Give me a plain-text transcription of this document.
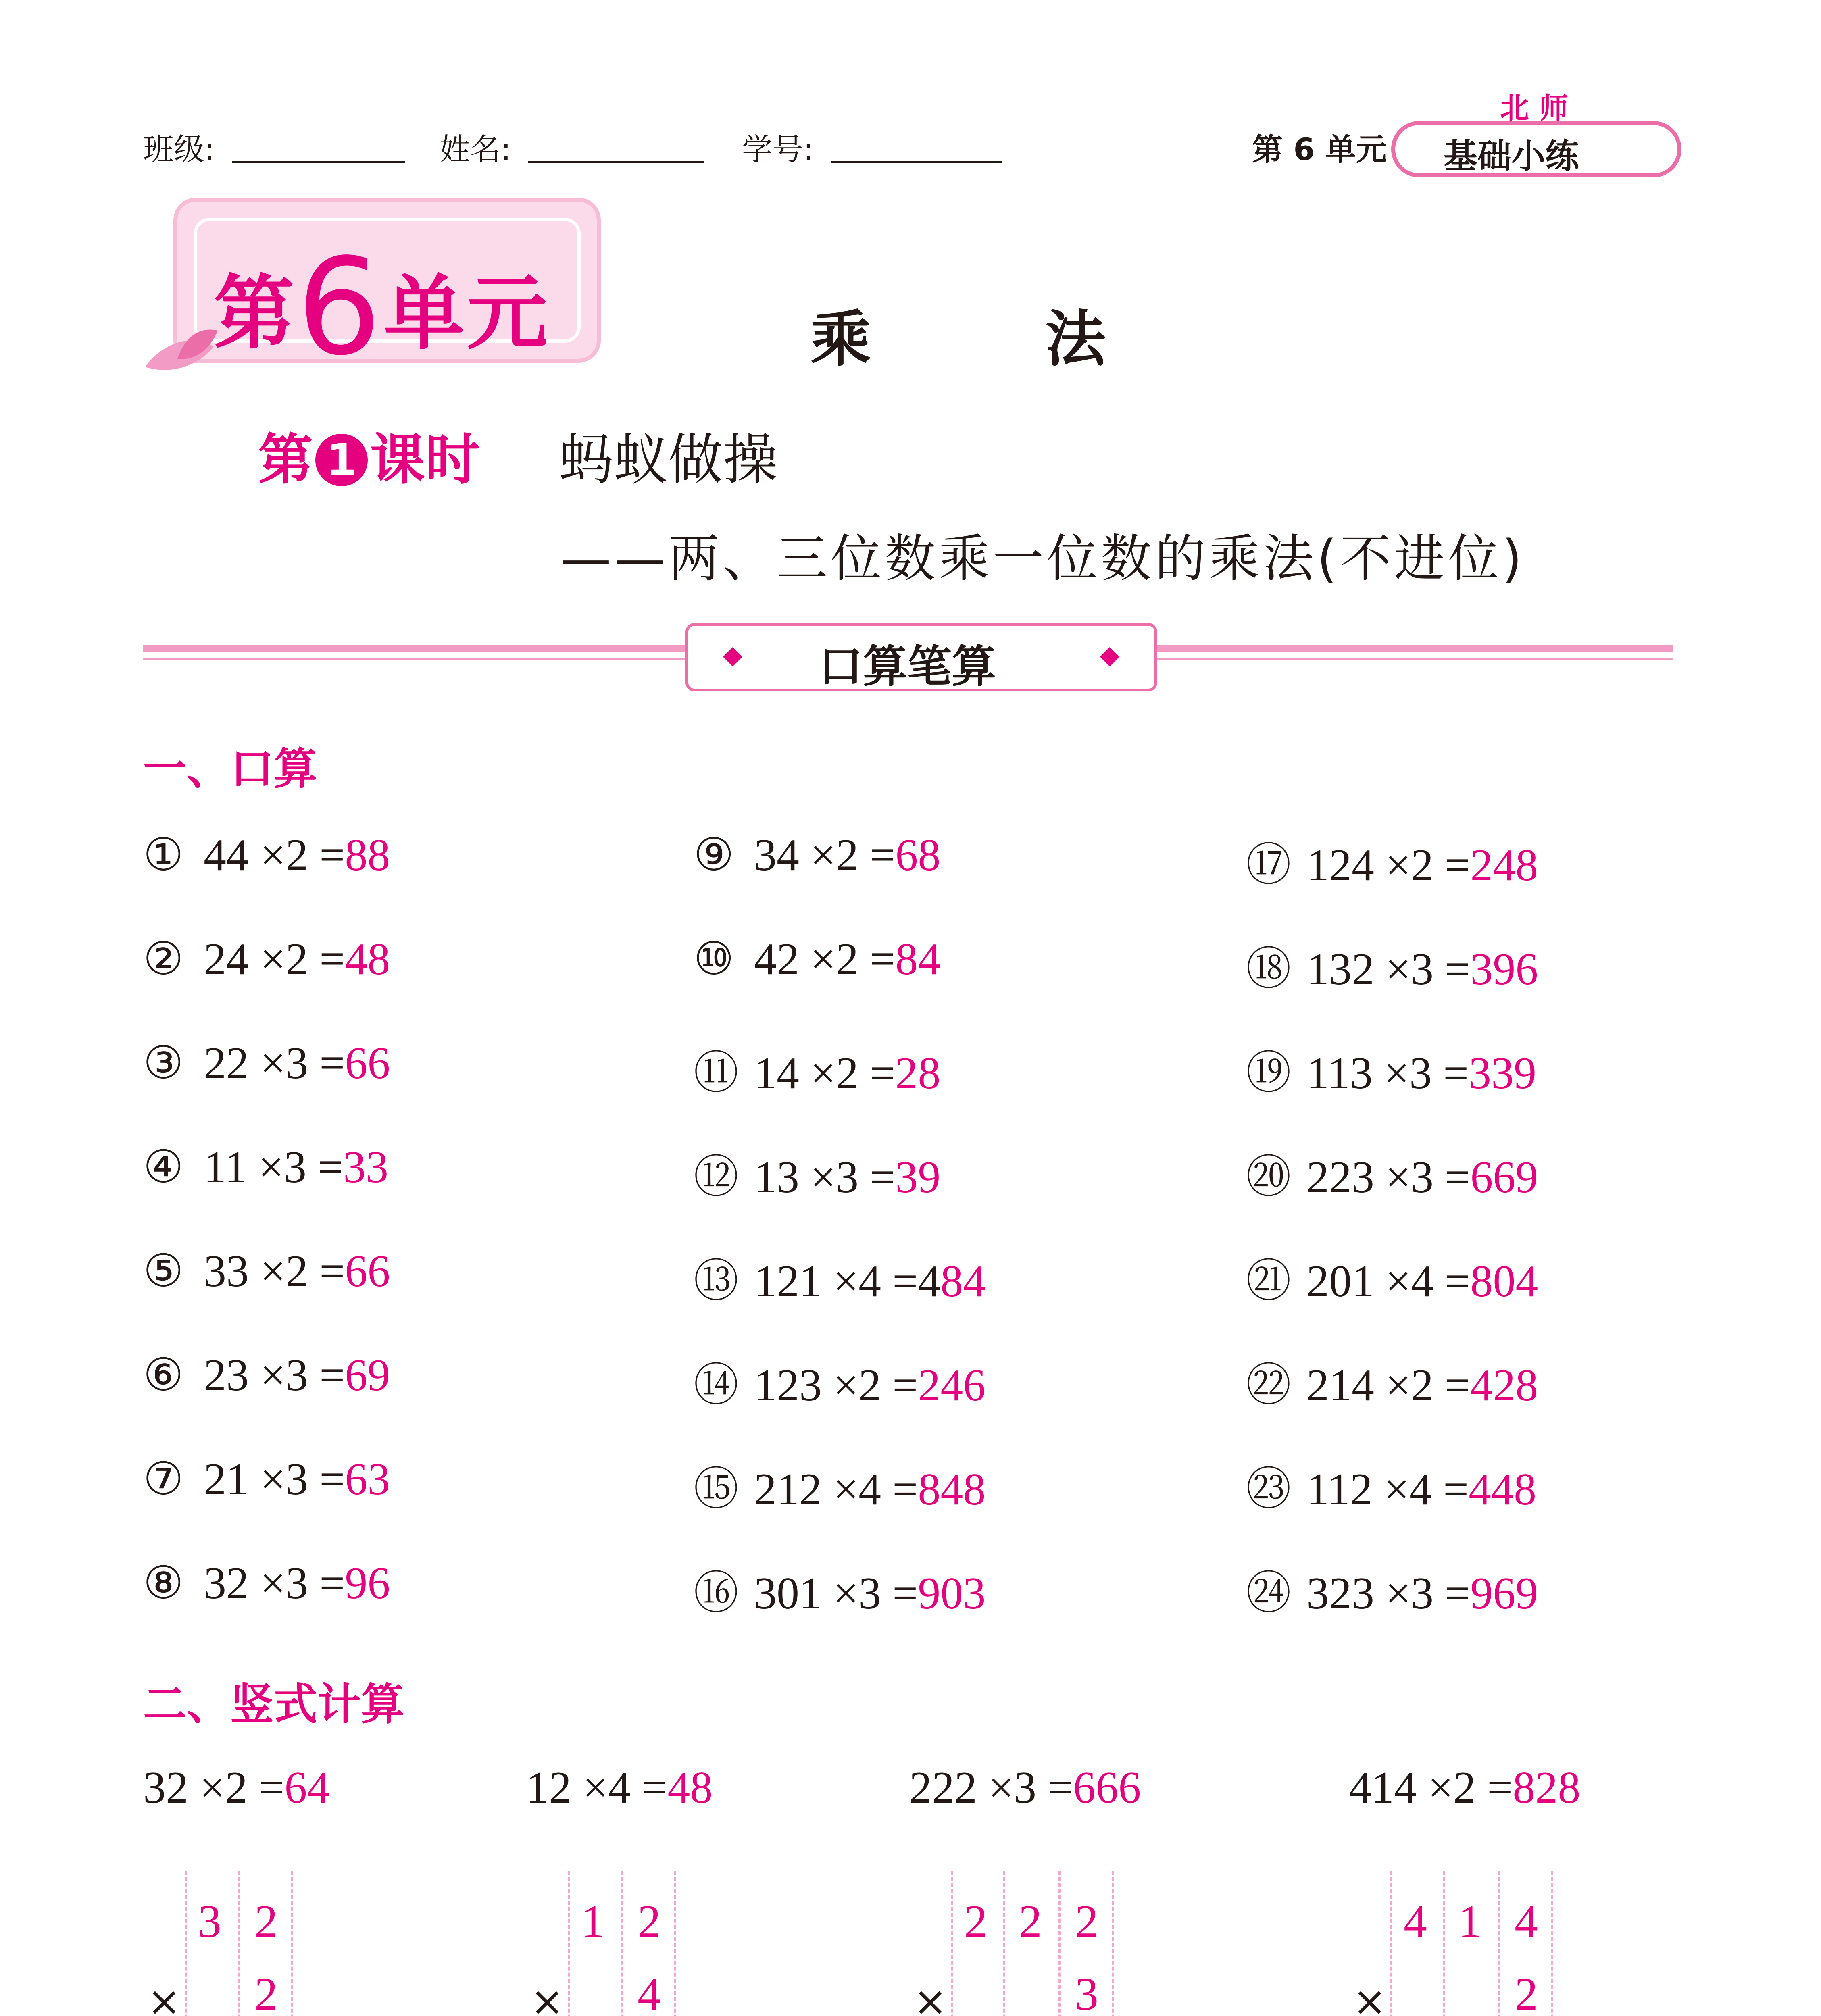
班级:	姓名:	学号:	第 6 单元
北 师
基础小练
第6单元	乘 法
第 1 课时 蚂蚁做操
——两、三位数乘一位数的乘法(不进位)
口算笔算
一、口算
① 44 ×2 =88
② 24 ×2 =48
③ 22 ×3 =66
④ 11 ×3 =33
⑤ 33 ×2 =66
⑥ 23 ×3 =69
⑦ 21 ×3 =63
⑧ 32 ×3 =96
⑨ 34 ×2 =68
⑩ 42 ×2 =84
⑪ 14 ×2 =28
⑫ 13 ×3 =39
⑬ 121 ×4 =484
⑭ 123 ×2 =246
⑮ 212 ×4 =848
⑯ 301 ×3 =903
⑰ 124 ×2 =248
⑱ 132 ×3 =396
⑲ 113 ×3 =339
⑳ 223 ×3 =669
㉑ 201 ×4 =804
㉒ 214 ×2 =428
㉓ 112 ×4 =448
㉔ 323 ×3 =969
二、竖式计算
32 ×2 =64
3 2
2
×
12 ×4 =48
1 2
4
×
222 ×3 =666
2 2 2
3
×
414 ×2 =828
4 1 4
2
×
